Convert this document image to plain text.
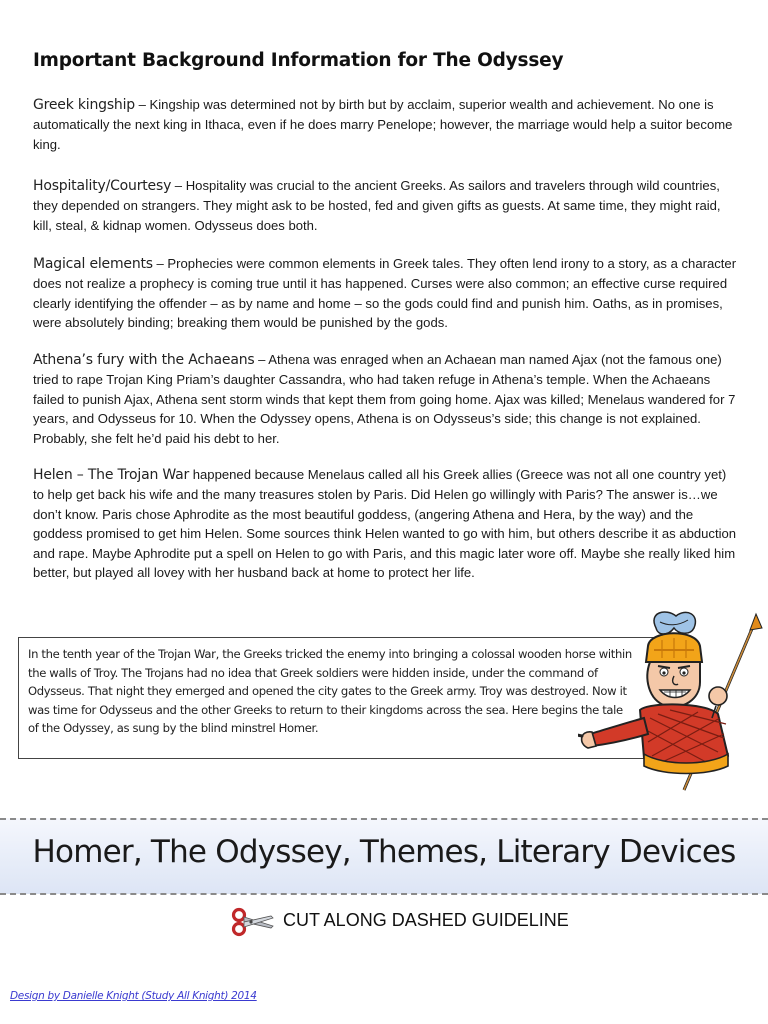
Important Background Information for The Odyssey
Greek kingship – Kingship was determined not by birth but by acclaim, superior wealth and achievement. No one is automatically the next king in Ithaca, even if he does marry Penelope; however, the marriage would help a suitor become king.
Hospitality/Courtesy – Hospitality was crucial to the ancient Greeks. As sailors and travelers through wild countries, they depended on strangers. They might ask to be hosted, fed and given gifts as guests. At same time, they might raid, kill, steal, & kidnap women. Odysseus does both.
Magical elements – Prophecies were common elements in Greek tales. They often lend irony to a story, as a character does not realize a prophecy is coming true until it has happened. Curses were also common; an effective curse required clearly identifying the offender – as by name and home – so the gods could find and punish him. Oaths, as in promises, were absolutely binding; breaking them would be punished by the gods.
Athena’s fury with the Achaeans – Athena was enraged when an Achaean man named Ajax (not the famous one) tried to rape Trojan King Priam’s daughter Cassandra, who had taken refuge in Athena’s temple. When the Achaeans failed to punish Ajax, Athena sent storm winds that kept them from going home. Ajax was killed; Menelaus wandered for 7 years, and Odysseus for 10. When the Odyssey opens, Athena is on Odysseus’s side; this change is not explained. Probably, she felt he’d paid his debt to her.
Helen – The Trojan War happened because Menelaus called all his Greek allies (Greece was not all one country yet) to help get back his wife and the many treasures stolen by Paris. Did Helen go willingly with Paris? The answer is…we don’t know. Paris chose Aphrodite as the most beautiful goddess, (angering Athena and Hera, by the way) and the goddess promised to get him Helen. Some sources think Helen wanted to go with him, but others describe it as abduction and rape. Maybe Aphrodite put a spell on Helen to go with Paris, and this magic later wore off. Maybe she really liked him better, but played all lovey with her husband back at home to protect her life.
In the tenth year of the Trojan War, the Greeks tricked the enemy into bringing a colossal wooden horse within the walls of Troy. The Trojans had no idea that Greek soldiers were hidden inside, under the command of Odysseus. That night they emerged and opened the city gates to the Greek army. Troy was destroyed. Now it was time for Odysseus and the other Greeks to return to their kingdoms across the sea. Here begins the tale of the Odyssey, as sung by the blind minstrel Homer.
Homer, The Odyssey, Themes, Literary Devices
CUT ALONG DASHED GUIDELINE
Design by Danielle Knight (Study All Knight) 2014
